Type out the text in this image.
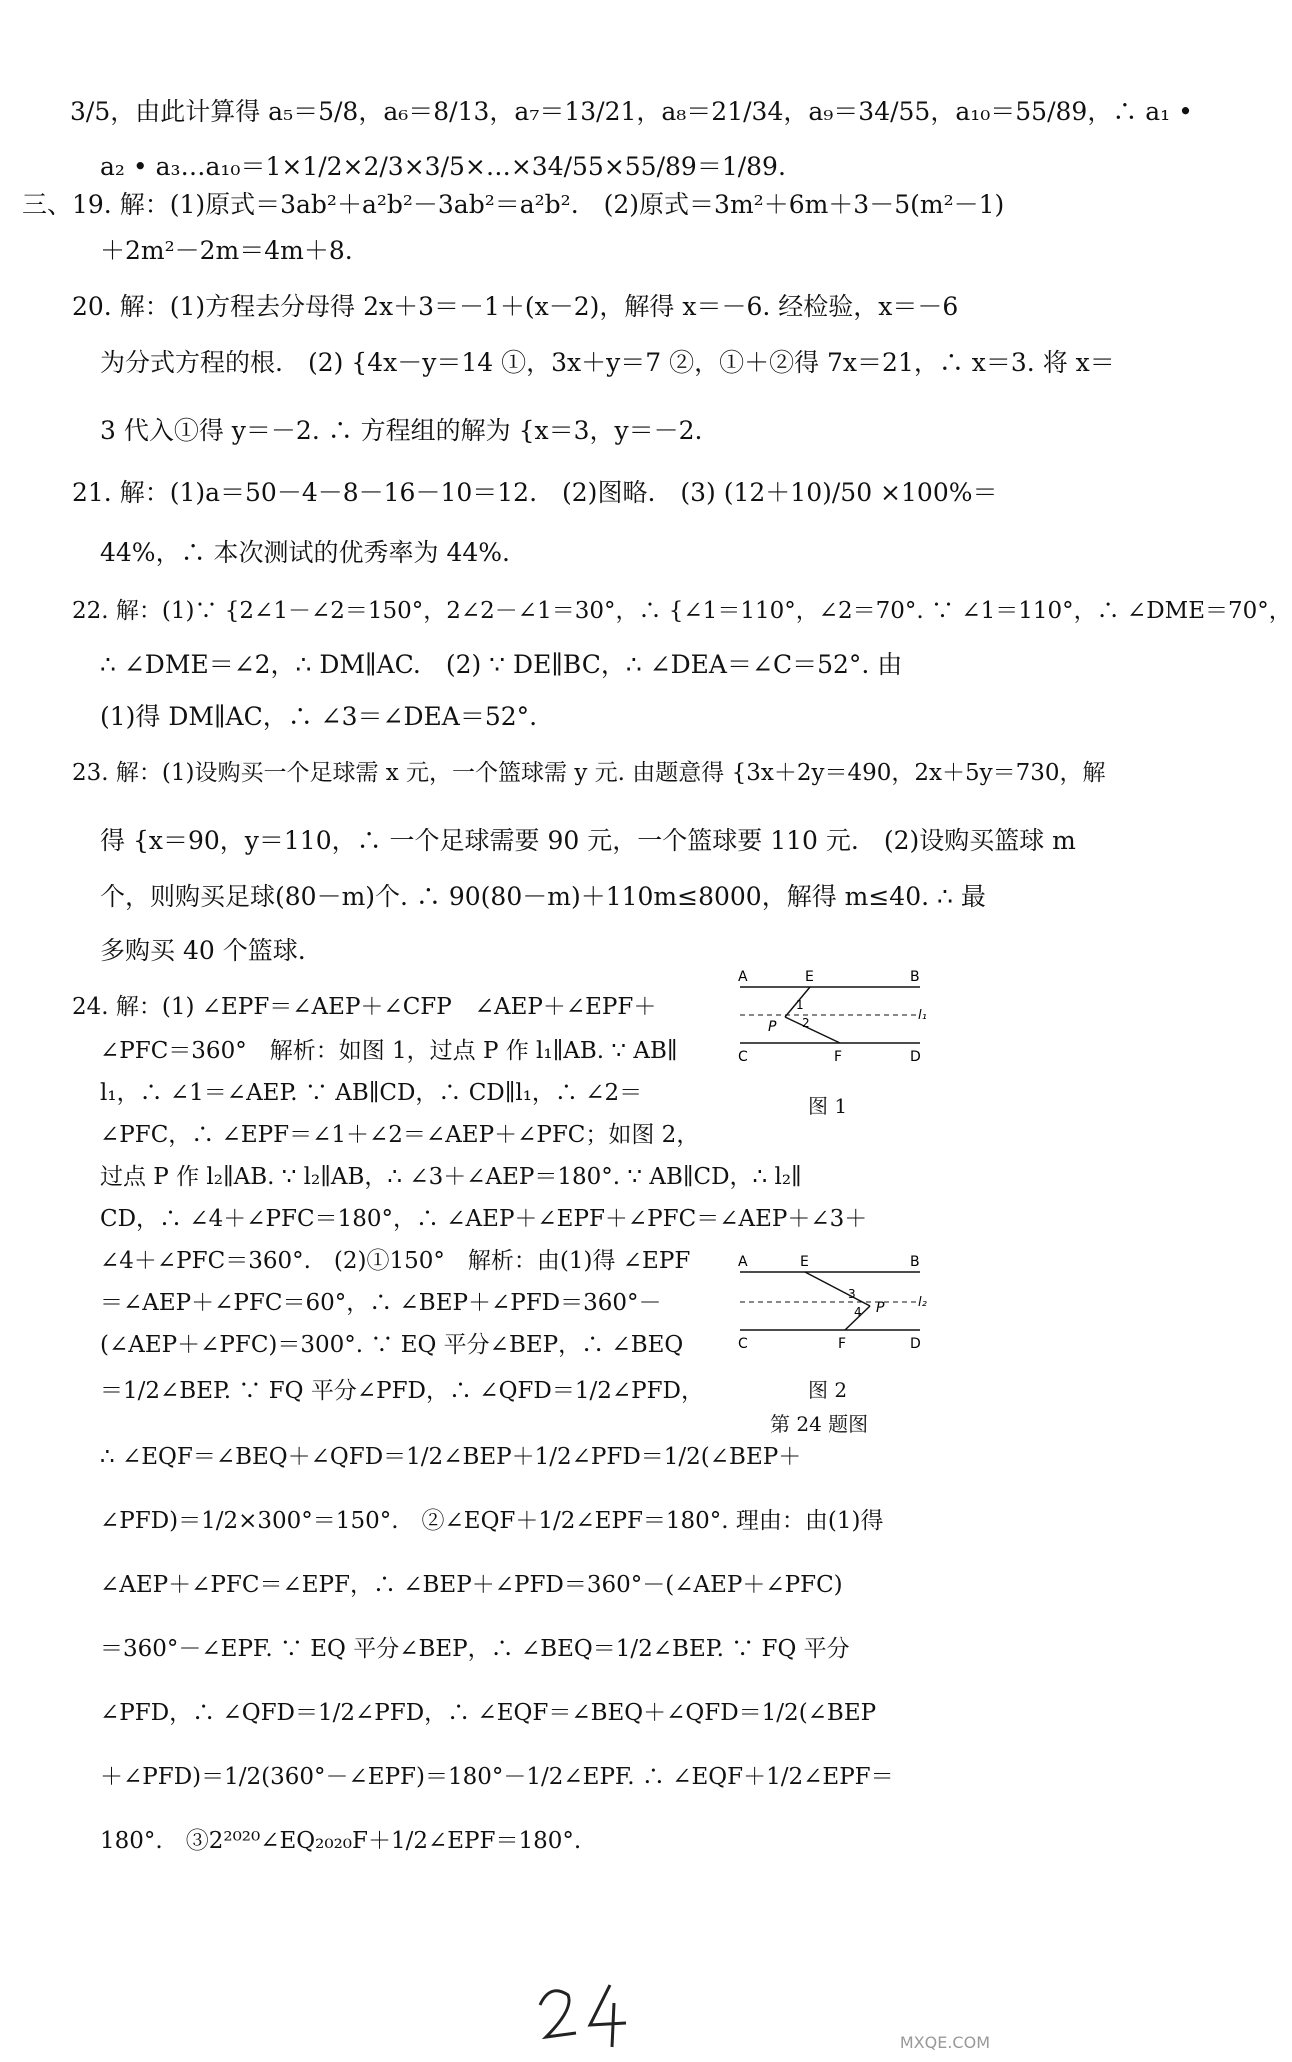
3/5，由此计算得 a₅＝5/8，a₆＝8/13，a₇＝13/21，a₈＝21/34，a₉＝34/55，a₁₀＝55/89，∴ a₁ •
a₂ • a₃…a₁₀＝1×1/2×2/3×3/5×…×34/55×55/89＝1/89.
三、19. 解：(1)原式＝3ab²＋a²b²－3ab²＝a²b².　(2)原式＝3m²＋6m＋3－5(m²－1)
＋2m²－2m＝4m＋8.
20. 解：(1)方程去分母得 2x＋3＝－1＋(x－2)，解得 x＝－6. 经检验，x＝－6
为分式方程的根.　(2) {4x－y＝14 ①，3x＋y＝7 ②，①＋②得 7x＝21，∴ x＝3. 将 x＝
3 代入①得 y＝－2. ∴ 方程组的解为 {x＝3，y＝－2.
21. 解：(1)a＝50－4－8－16－10＝12.　(2)图略.　(3) (12＋10)/50 ×100%＝
44%，∴ 本次测试的优秀率为 44%.
22. 解：(1)∵ {2∠1－∠2＝150°，2∠2－∠1＝30°，∴ {∠1＝110°，∠2＝70°. ∵ ∠1＝110°，∴ ∠DME＝70°，
∴ ∠DME＝∠2，∴ DM∥AC.　(2) ∵ DE∥BC，∴ ∠DEA＝∠C＝52°. 由
(1)得 DM∥AC，∴ ∠3＝∠DEA＝52°.
23. 解：(1)设购买一个足球需 x 元，一个篮球需 y 元. 由题意得 {3x＋2y＝490，2x＋5y＝730，解
得 {x＝90，y＝110，∴ 一个足球需要 90 元，一个篮球要 110 元.　(2)设购买篮球 m
个，则购买足球(80－m)个. ∴ 90(80－m)＋110m≤8000，解得 m≤40. ∴ 最
多购买 40 个篮球.
24. 解：(1) ∠EPF＝∠AEP＋∠CFP　∠AEP＋∠EPF＋
∠PFC＝360°　解析：如图 1，过点 P 作 l₁∥AB. ∵ AB∥
l₁，∴ ∠1＝∠AEP. ∵ AB∥CD，∴ CD∥l₁，∴ ∠2＝
∠PFC，∴ ∠EPF＝∠1＋∠2＝∠AEP＋∠PFC；如图 2，
过点 P 作 l₂∥AB. ∵ l₂∥AB，∴ ∠3＋∠AEP＝180°. ∵ AB∥CD，∴ l₂∥
CD，∴ ∠4＋∠PFC＝180°，∴ ∠AEP＋∠EPF＋∠PFC＝∠AEP＋∠3＋
∠4＋∠PFC＝360°.　(2)①150°　解析：由(1)得 ∠EPF
＝∠AEP＋∠PFC＝60°，∴ ∠BEP＋∠PFD＝360°－
(∠AEP＋∠PFC)＝300°. ∵ EQ 平分∠BEP，∴ ∠BEQ
＝1/2∠BEP. ∵ FQ 平分∠PFD，∴ ∠QFD＝1/2∠PFD，
∴ ∠EQF＝∠BEQ＋∠QFD＝1/2∠BEP＋1/2∠PFD＝1/2(∠BEP＋
∠PFD)＝1/2×300°＝150°.　②∠EQF＋1/2∠EPF＝180°. 理由：由(1)得
∠AEP＋∠PFC＝∠EPF，∴ ∠BEP＋∠PFD＝360°－(∠AEP＋∠PFC)
＝360°－∠EPF. ∵ EQ 平分∠BEP，∴ ∠BEQ＝1/2∠BEP. ∵ FQ 平分
∠PFD，∴ ∠QFD＝1/2∠PFD，∴ ∠EQF＝∠BEQ＋∠QFD＝1/2(∠BEP
＋∠PFD)＝1/2(360°－∠EPF)＝180°－1/2∠EPF. ∴ ∠EQF＋1/2∠EPF＝
180°.　③2²⁰²⁰∠EQ₂₀₂₀F＋1/2∠EPF＝180°.
A	E	B
1
2
P
l₁
C	F	D
图 1
A	E	B
3
4 P	l₂
C	F	D
图 2
第 24 题图
MXQE.COM
